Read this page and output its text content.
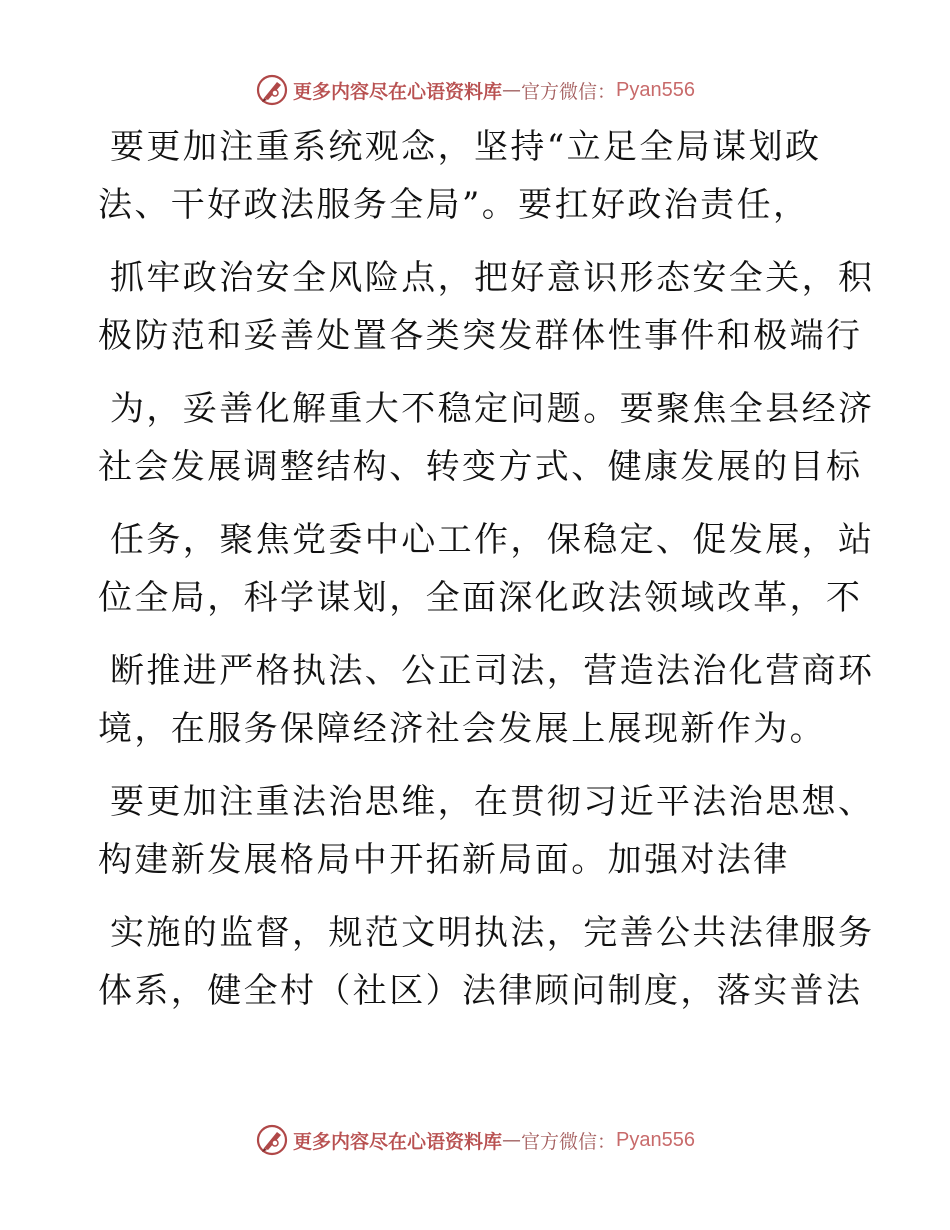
更多内容尽在心语资料库 — 官方微信： Pyan556
要更加注重系统观念，坚持“立足全局谋划政
法、干好政法服务全局”。要扛好政治责任，
抓牢政治安全风险点，把好意识形态安全关，积
极防范和妥善处置各类突发群体性事件和极端行
为，妥善化解重大不稳定问题。要聚焦全县经济
社会发展调整结构、转变方式、健康发展的目标
任务，聚焦党委中心工作，保稳定、促发展，站
位全局，科学谋划，全面深化政法领域改革，不
断推进严格执法、公正司法，营造法治化营商环
境，在服务保障经济社会发展上展现新作为。
要更加注重法治思维，在贯彻习近平法治思想、
构建新发展格局中开拓新局面。加强对法律
实施的监督，规范文明执法，完善公共法律服务
体系，健全村（社区）法律顾问制度，落实普法
更多内容尽在心语资料库 — 官方微信： Pyan556
